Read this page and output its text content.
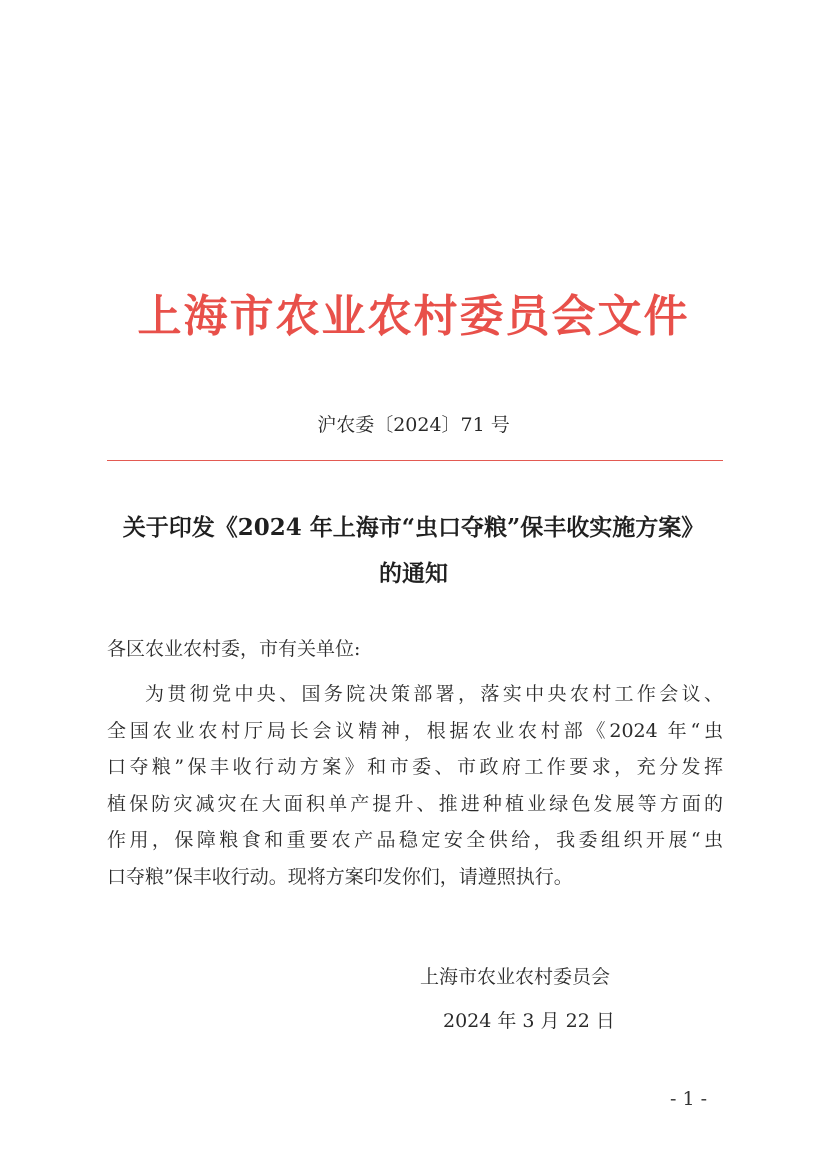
上海市农业农村委员会文件
沪农委〔2024〕71 号
关于印发《2024 年上海市“虫口夺粮”保丰收实施方案》
的通知
各区农业农村委，市有关单位:
为贯彻党中央、国务院决策部署，落实中央农村工作会议、
全国农业农村厅局长会议精神，根据农业农村部《2024 年“虫
口夺粮”保丰收行动方案》和市委、市政府工作要求，充分发挥
植保防灾减灾在大面积单产提升、推进种植业绿色发展等方面的
作用，保障粮食和重要农产品稳定安全供给，我委组织开展“虫
口夺粮”保丰收行动。现将方案印发你们，请遵照执行。
上海市农业农村委员会
2024 年 3 月 22 日
- 1 -
